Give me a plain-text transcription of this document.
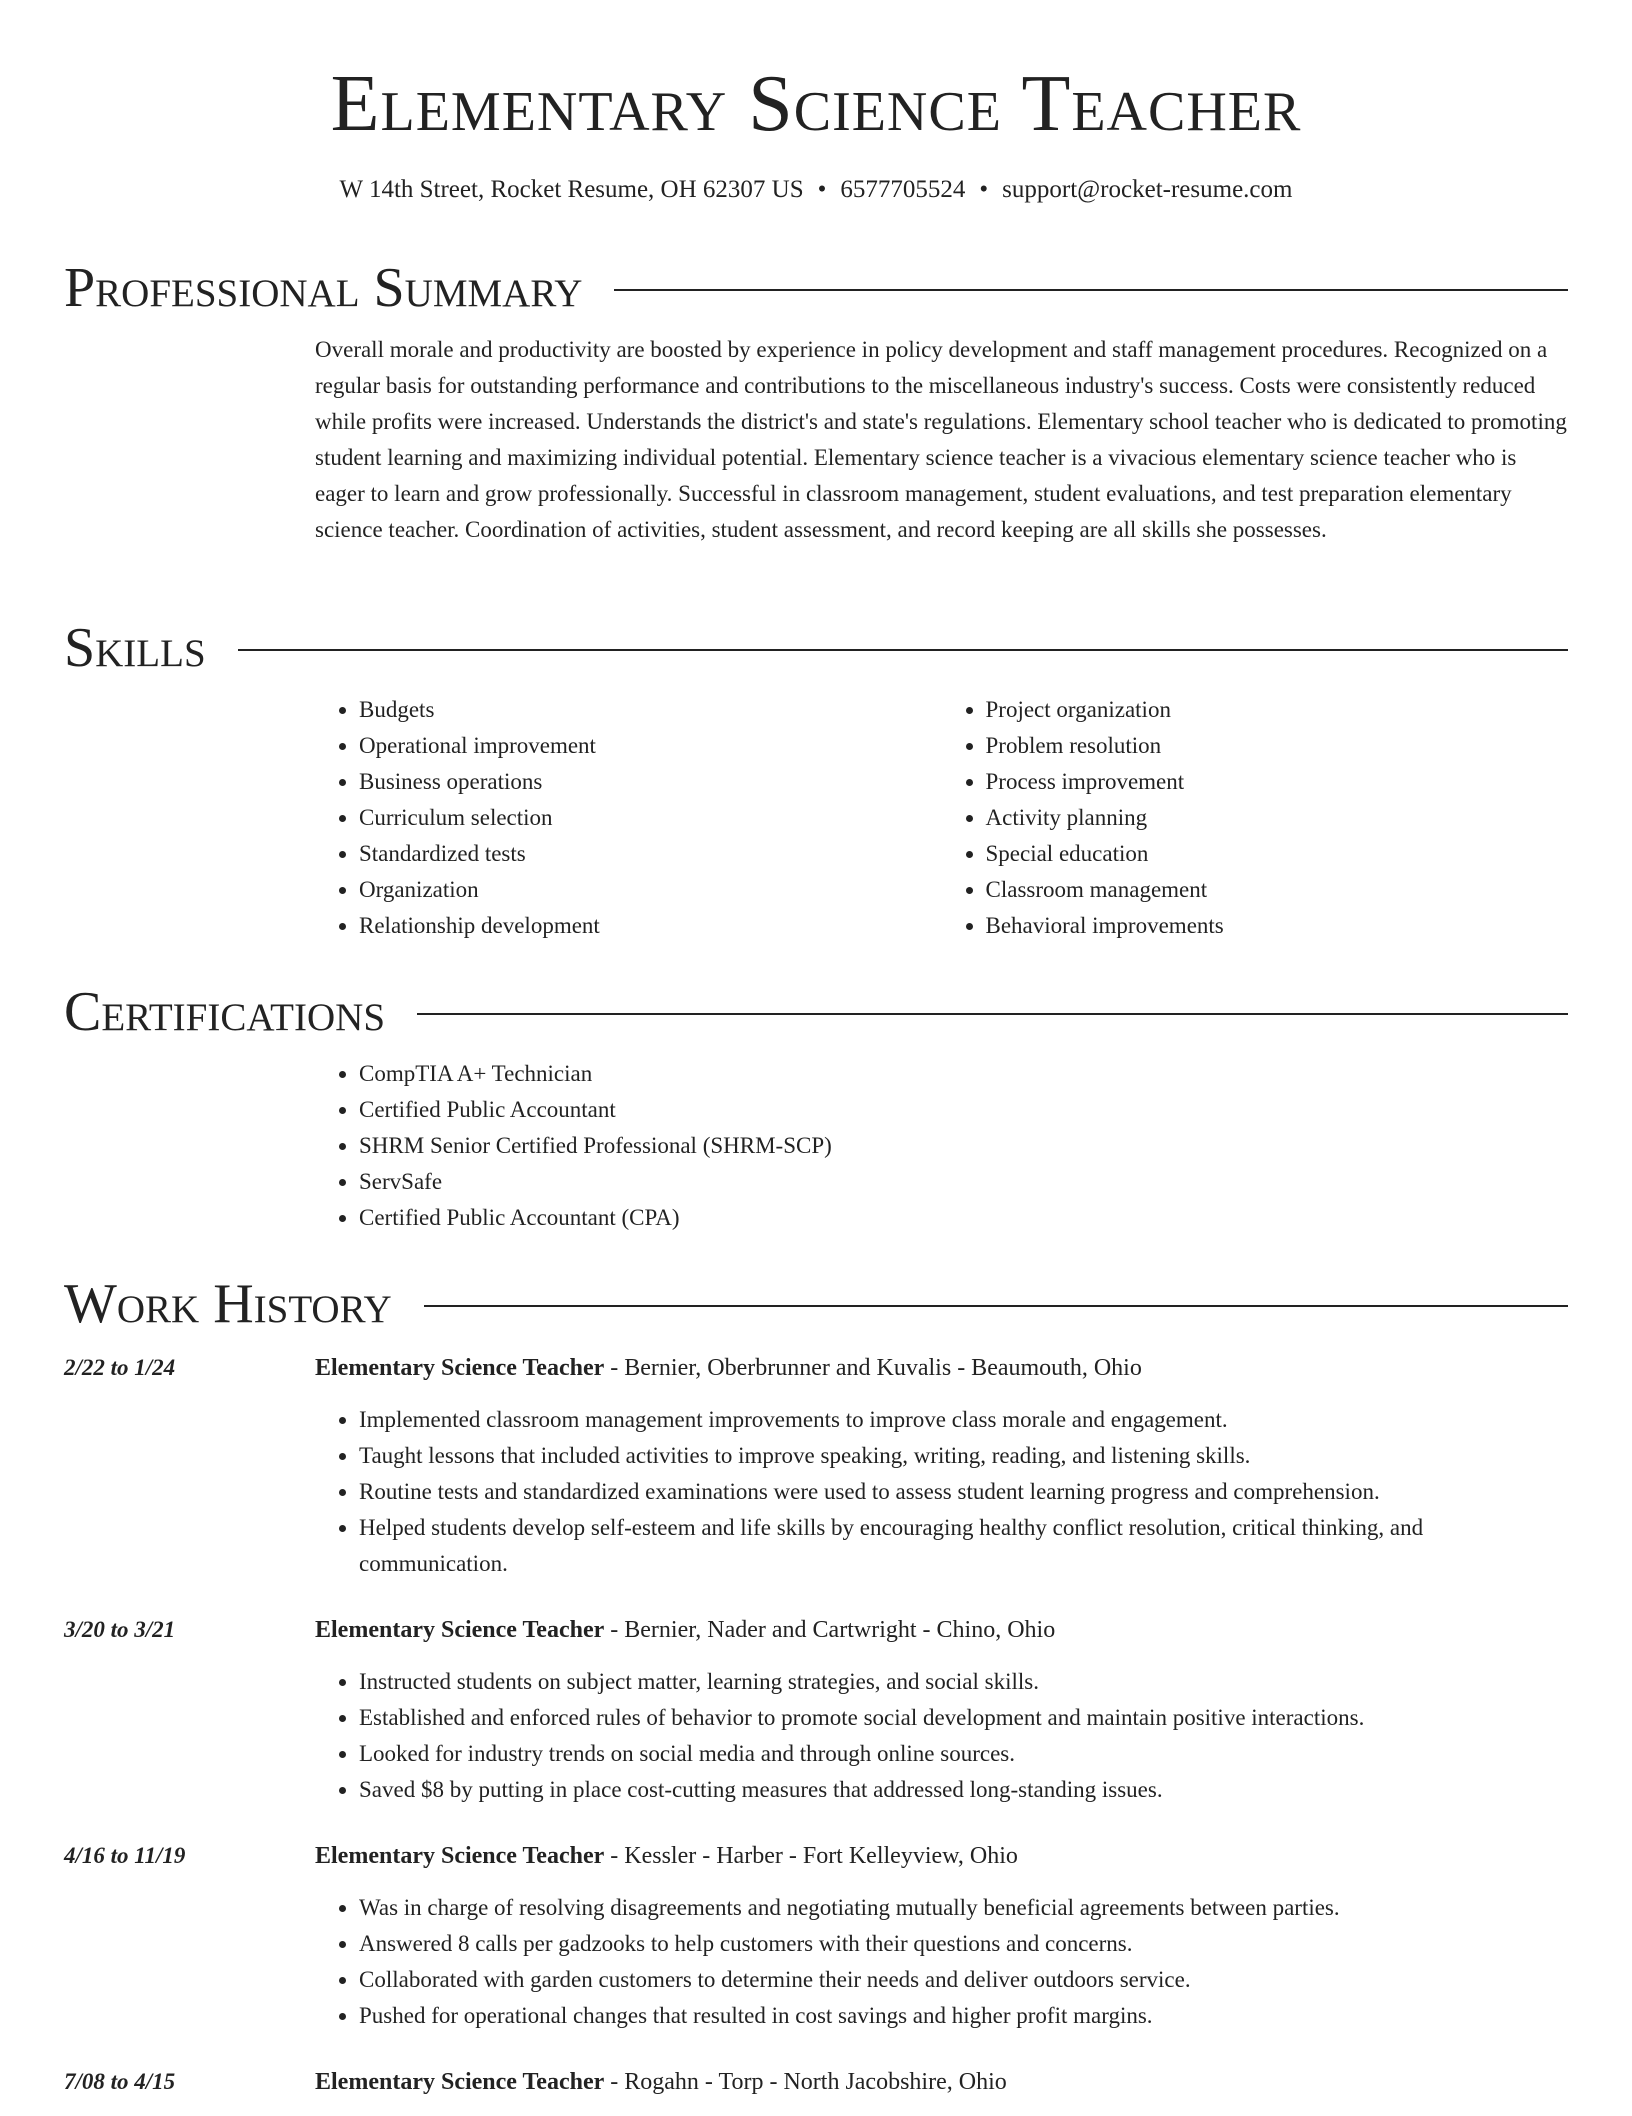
Elementary Science Teacher
W 14th Street, Rocket Resume, OH 62307 US • 6577705524 • support@rocket-resume.com
Professional Summary

Overall morale and productivity are boosted by experience in policy development and staff management procedures. Recognized on a regular basis for outstanding performance and contributions to the miscellaneous industry's success. Costs were consistently reduced while profits were increased. Understands the district's and state's regulations. Elementary school teacher who is dedicated to promoting student learning and maximizing individual potential. Elementary science teacher is a vivacious elementary science teacher who is eager to learn and grow professionally. Successful in classroom management, student evaluations, and test preparation elementary science teacher. Coordination of activities, student assessment, and record keeping are all skills she possesses.

Skills
• Budgets
• Operational improvement
• Business operations
• Curriculum selection
• Standardized tests
• Organization
• Relationship development
• Project organization
• Problem resolution
• Process improvement
• Activity planning
• Special education
• Classroom management
• Behavioral improvements
Certifications
• CompTIA A+ Technician
• Certified Public Accountant
• SHRM Senior Certified Professional (SHRM-SCP)
• ServSafe
• Certified Public Accountant (CPA)
Work History
2/22 to 1/24	Elementary Science Teacher - Bernier, Oberbrunner and Kuvalis - Beaumouth, Ohio
• Implemented classroom management improvements to improve class morale and engagement.
• Taught lessons that included activities to improve speaking, writing, reading, and listening skills.
• Routine tests and standardized examinations were used to assess student learning progress and comprehension.
• Helped students develop self-esteem and life skills by encouraging healthy conflict resolution, critical thinking, and communication.
3/20 to 3/21	Elementary Science Teacher - Bernier, Nader and Cartwright - Chino, Ohio
• Instructed students on subject matter, learning strategies, and social skills.
• Established and enforced rules of behavior to promote social development and maintain positive interactions.
• Looked for industry trends on social media and through online sources.
• Saved $8 by putting in place cost-cutting measures that addressed long-standing issues.
4/16 to 11/19	Elementary Science Teacher - Kessler - Harber - Fort Kelleyview, Ohio
• Was in charge of resolving disagreements and negotiating mutually beneficial agreements between parties.
• Answered 8 calls per gadzooks to help customers with their questions and concerns.
• Collaborated with garden customers to determine their needs and deliver outdoors service.
• Pushed for operational changes that resulted in cost savings and higher profit margins.
7/08 to 4/15	Elementary Science Teacher - Rogahn - Torp - North Jacobshire, Ohio
